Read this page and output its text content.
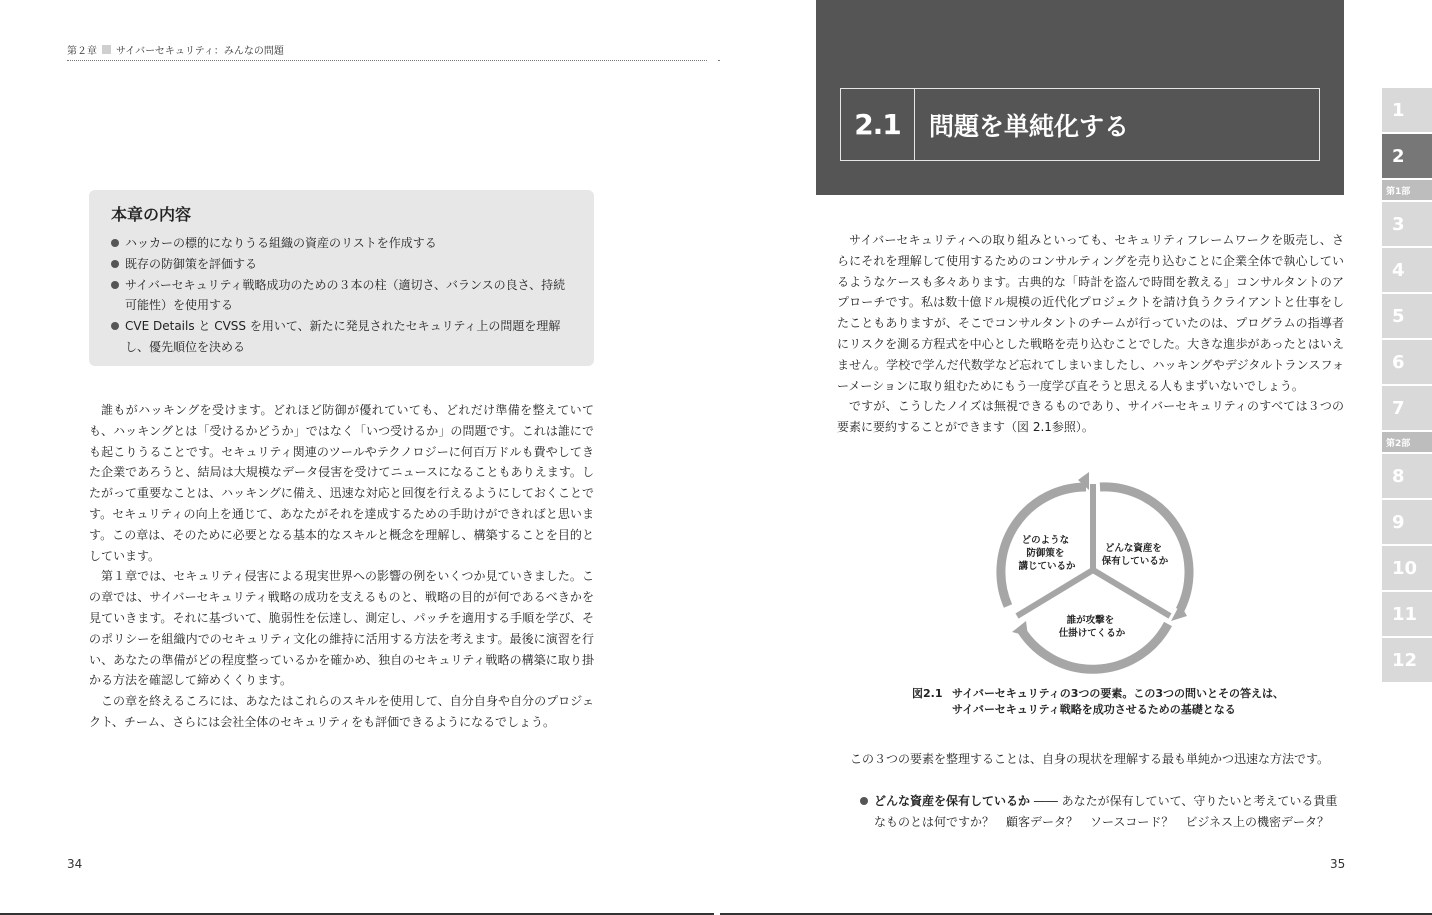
第２章 サイバーセキュリティ：みんなの問題
本章の内容
ハッカーの標的になりうる組織の資産のリストを作成する
既存の防御策を評価する
サイバーセキュリティ戦略成功のための３本の柱（適切さ、バランスの良さ、持続可能性）を使用する
CVE Details と CVSS を用いて、新たに発見されたセキュリティ上の問題を理解し、優先順位を決める

誰もがハッキングを受けます。どれほど防御が優れていても、どれだけ準備を整えていても、ハッキングとは「受けるかどうか」ではなく「いつ受けるか」の問題です。これは誰にでも起こりうることです。セキュリティ関連のツールやテクノロジーに何百万ドルも費やしてきた企業であろうと、結局は大規模なデータ侵害を受けてニュースになることもありえます。したがって重要なことは、ハッキングに備え、迅速な対応と回復を行えるようにしておくことです。セキュリティの向上を通じて、あなたがそれを達成するための手助けができればと思います。この章は、そのために必要となる基本的なスキルと概念を理解し、構築することを目的としています。

第１章では、セキュリティ侵害による現実世界への影響の例をいくつか見ていきました。この章では、サイバーセキュリティ戦略の成功を支えるものと、戦略の目的が何であるべきかを見ていきます。それに基づいて、脆弱性を伝達し、測定し、パッチを適用する手順を学び、そのポリシーを組織内でのセキュリティ文化の維持に活用する方法を考えます。最後に演習を行い、あなたの準備がどの程度整っているかを確かめ、独自のセキュリティ戦略の構築に取り掛かる方法を確認して締めくくります。

この章を終えるころには、あなたはこれらのスキルを使用して、自分自身や自分のプロジェクト、チーム、さらには会社全体のセキュリティをも評価できるようになるでしょう。

34
2.1	問題を単純化する
1
2
第1部
3
4
5
6
7
第2部
8
9
10
11
12

サイバーセキュリティへの取り組みといっても、セキュリティフレームワークを販売し、さらにそれを理解して使用するためのコンサルティングを売り込むことに企業全体で執心しているようなケースも多々あります。古典的な「時計を盗んで時間を教える」コンサルタントのアプローチです。私は数十億ドル規模の近代化プロジェクトを請け負うクライアントと仕事をしたこともありますが、そこでコンサルタントのチームが行っていたのは、プログラムの指導者にリスクを測る方程式を中心とした戦略を売り込むことでした。大きな進歩があったとはいえません。学校で学んだ代数学など忘れてしまいましたし、ハッキングやデジタルトランスフォーメーションに取り組むためにもう一度学び直そうと思える人もまずいないでしょう。

ですが、こうしたノイズは無視できるものであり、サイバーセキュリティのすべては３つの要素に要約することができます（図 2.1参照）。

どのような 防御策を 講じているか
どんな資産を 保有しているか
誰が攻撃を 仕掛けてくるか
図2.1 サイバーセキュリティの3つの要素。この3つの問いとその答えは、
サイバーセキュリティ戦略を成功させるための基礎となる
この３つの要素を整理することは、自身の現状を理解する最も単純かつ迅速な方法です。
どんな資産を保有しているか ―― あなたが保有していて、守りたいと考えている貴重なものとは何ですか？　顧客データ？　ソースコード？　ビジネス上の機密データ？
35
